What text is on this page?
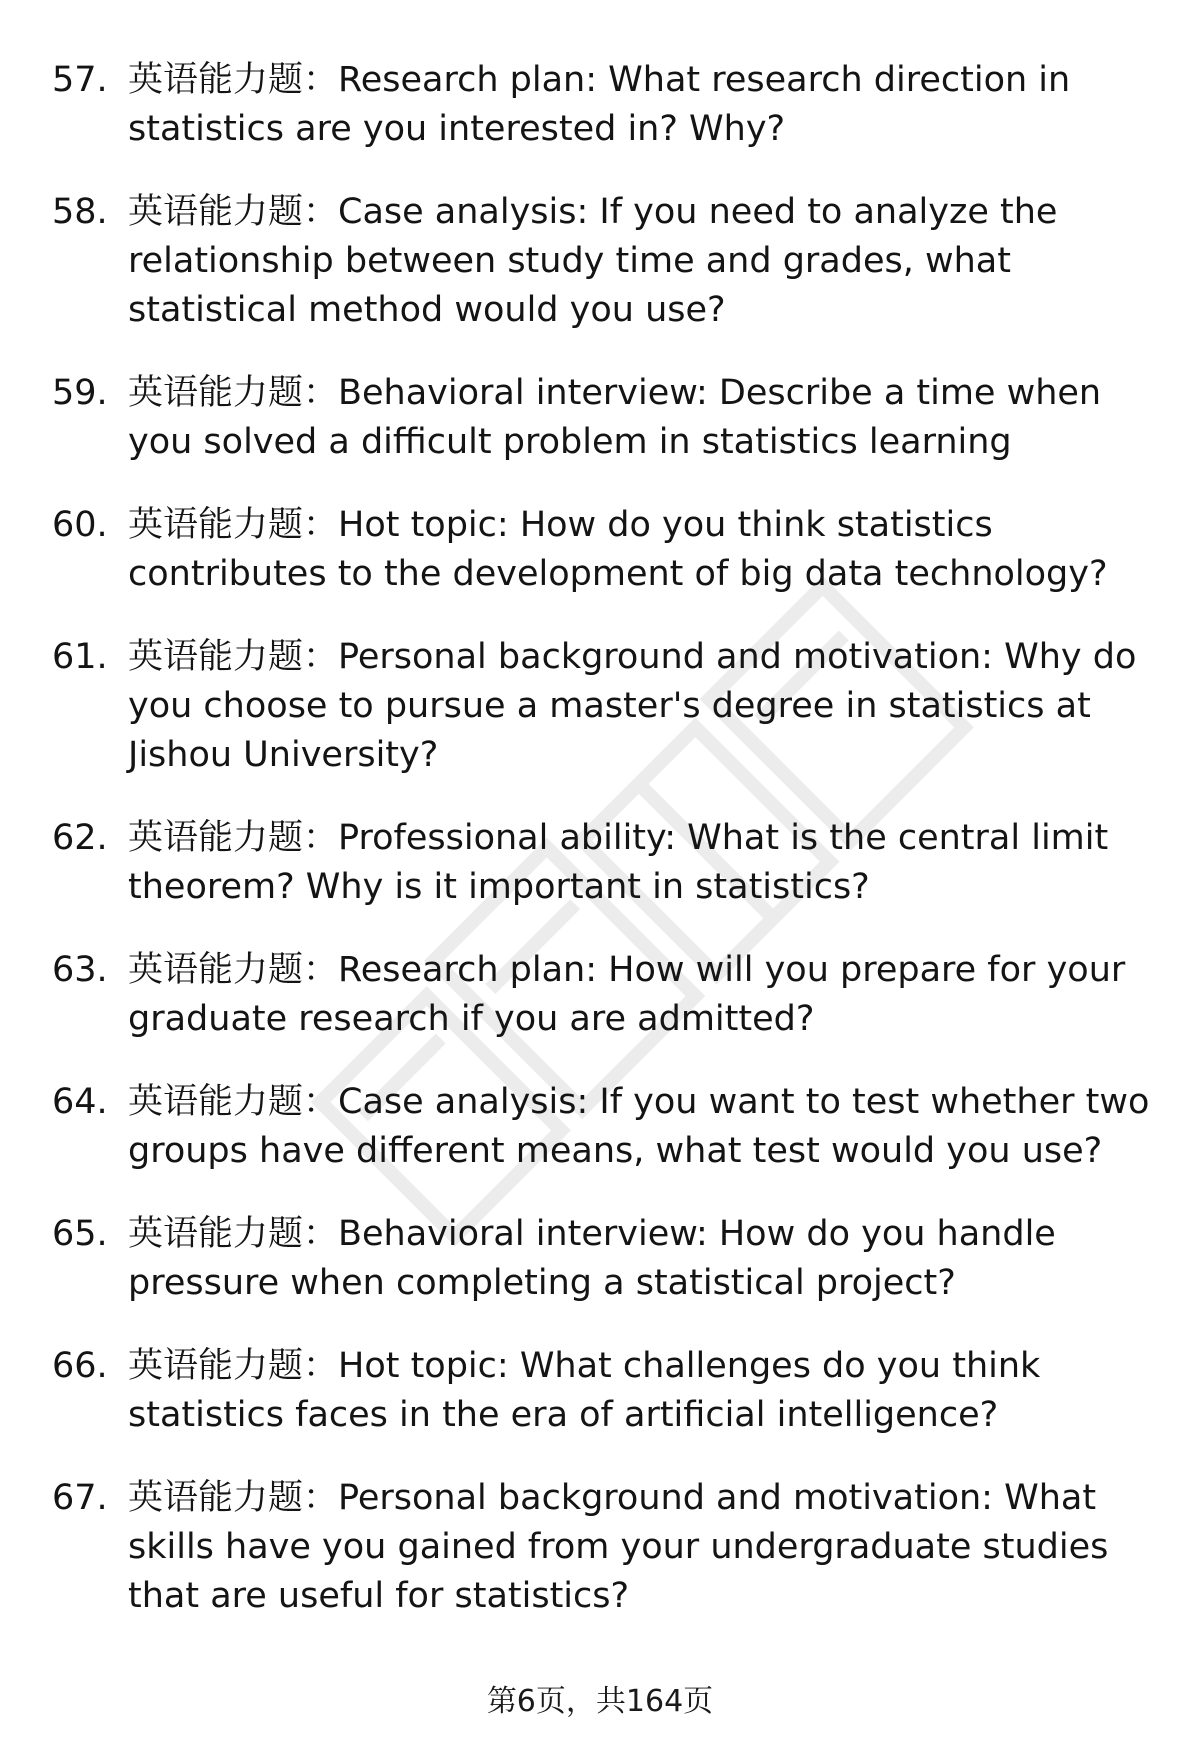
57. 英语能力题：Research plan: What research direction in statistics are you interested in? Why?
58. 英语能力题：Case analysis: If you need to analyze the relationship between study time and grades, what statistical method would you use?
59. 英语能力题：Behavioral interview: Describe a time when you solved a difficult problem in statistics learning
60. 英语能力题：Hot topic: How do you think statistics contributes to the development of big data technology?
61. 英语能力题：Personal background and motivation: Why do you choose to pursue a master's degree in statistics at Jishou University?
62. 英语能力题：Professional ability: What is the central limit theorem? Why is it important in statistics?
63. 英语能力题：Research plan: How will you prepare for your graduate research if you are admitted?
64. 英语能力题：Case analysis: If you want to test whether two groups have different means, what test would you use?
65. 英语能力题：Behavioral interview: How do you handle pressure when completing a statistical project?
66. 英语能力题：Hot topic: What challenges do you think statistics faces in the era of artificial intelligence?
67. 英语能力题：Personal background and motivation: What skills have you gained from your undergraduate studies that are useful for statistics?
第6页，共164页
